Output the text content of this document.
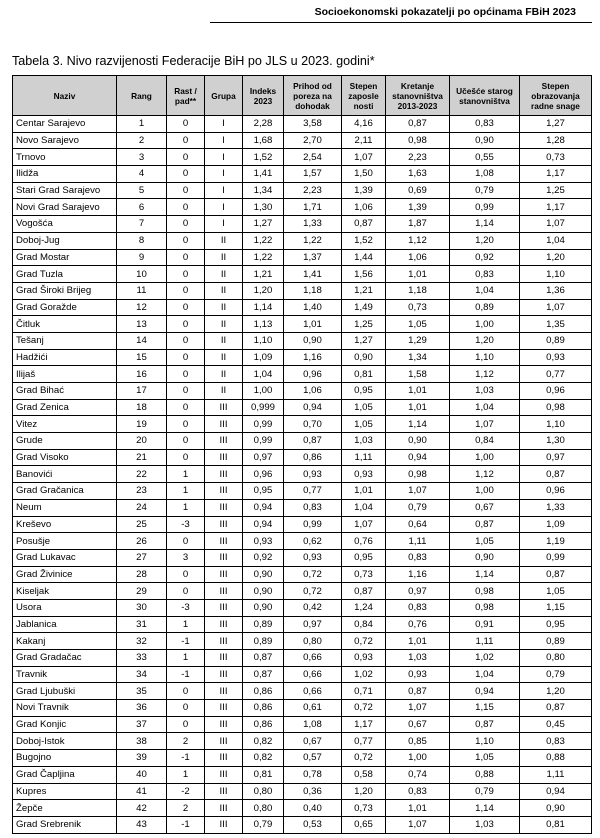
Socioekonomski pokazatelji po općinama FBiH 2023
Tabela 3. Nivo razvijenosti Federacije BiH po JLS u 2023. godini*
Naziv	Rang	Rast / pad**	Grupa	Indeks 2023	Prihod od poreza na dohodak	Stepen zaposle nosti	Kretanje stanovništva 2013-2023	Učešće starog stanovništva	Stepen obrazovanja radne snage
Centar Sarajevo	1	0	I	2,28	3,58	4,16	0,87	0,83	1,27
Novo Sarajevo	2	0	I	1,68	2,70	2,11	0,98	0,90	1,28
Trnovo	3	0	I	1,52	2,54	1,07	2,23	0,55	0,73
Ilidža	4	0	I	1,41	1,57	1,50	1,63	1,08	1,17
Stari Grad Sarajevo	5	0	I	1,34	2,23	1,39	0,69	0,79	1,25
Novi Grad Sarajevo	6	0	I	1,30	1,71	1,06	1,39	0,99	1,17
Vogošća	7	0	I	1,27	1,33	0,87	1,87	1,14	1,07
Doboj-Jug	8	0	II	1,22	1,22	1,52	1,12	1,20	1,04
Grad Mostar	9	0	II	1,22	1,37	1,44	1,06	0,92	1,20
Grad Tuzla	10	0	II	1,21	1,41	1,56	1,01	0,83	1,10
Grad Široki Brijeg	11	0	II	1,20	1,18	1,21	1,18	1,04	1,36
Grad Goražde	12	0	II	1,14	1,40	1,49	0,73	0,89	1,07
Čitluk	13	0	II	1,13	1,01	1,25	1,05	1,00	1,35
Tešanj	14	0	II	1,10	0,90	1,27	1,29	1,20	0,89
Hadžići	15	0	II	1,09	1,16	0,90	1,34	1,10	0,93
Ilijaš	16	0	II	1,04	0,96	0,81	1,58	1,12	0,77
Grad Bihać	17	0	II	1,00	1,06	0,95	1,01	1,03	0,96
Grad Zenica	18	0	III	0,999	0,94	1,05	1,01	1,04	0,98
Vitez	19	0	III	0,99	0,70	1,05	1,14	1,07	1,10
Grude	20	0	III	0,99	0,87	1,03	0,90	0,84	1,30
Grad Visoko	21	0	III	0,97	0,86	1,11	0,94	1,00	0,97
Banovići	22	1	III	0,96	0,93	0,93	0,98	1,12	0,87
Grad Gračanica	23	1	III	0,95	0,77	1,01	1,07	1,00	0,96
Neum	24	1	III	0,94	0,83	1,04	0,79	0,67	1,33
Kreševo	25	-3	III	0,94	0,99	1,07	0,64	0,87	1,09
Posušje	26	0	III	0,93	0,62	0,76	1,11	1,05	1,19
Grad Lukavac	27	3	III	0,92	0,93	0,95	0,83	0,90	0,99
Grad Živinice	28	0	III	0,90	0,72	0,73	1,16	1,14	0,87
Kiseljak	29	0	III	0,90	0,72	0,87	0,97	0,98	1,05
Usora	30	-3	III	0,90	0,42	1,24	0,83	0,98	1,15
Jablanica	31	1	III	0,89	0,97	0,84	0,76	0,91	0,95
Kakanj	32	-1	III	0,89	0,80	0,72	1,01	1,11	0,89
Grad Gradačac	33	1	III	0,87	0,66	0,93	1,03	1,02	0,80
Travnik	34	-1	III	0,87	0,66	1,02	0,93	1,04	0,79
Grad Ljubuški	35	0	III	0,86	0,66	0,71	0,87	0,94	1,20
Novi Travnik	36	0	III	0,86	0,61	0,72	1,07	1,15	0,87
Grad Konjic	37	0	III	0,86	1,08	1,17	0,67	0,87	0,45
Doboj-Istok	38	2	III	0,82	0,67	0,77	0,85	1,10	0,83
Bugojno	39	-1	III	0,82	0,57	0,72	1,00	1,05	0,88
Grad Čapljina	40	1	III	0,81	0,78	0,58	0,74	0,88	1,11
Kupres	41	-2	III	0,80	0,36	1,20	0,83	0,79	0,94
Žepče	42	2	III	0,80	0,40	0,73	1,01	1,14	0,90
Grad Srebrenik	43	-1	III	0,79	0,53	0,65	1,07	1,03	0,81
